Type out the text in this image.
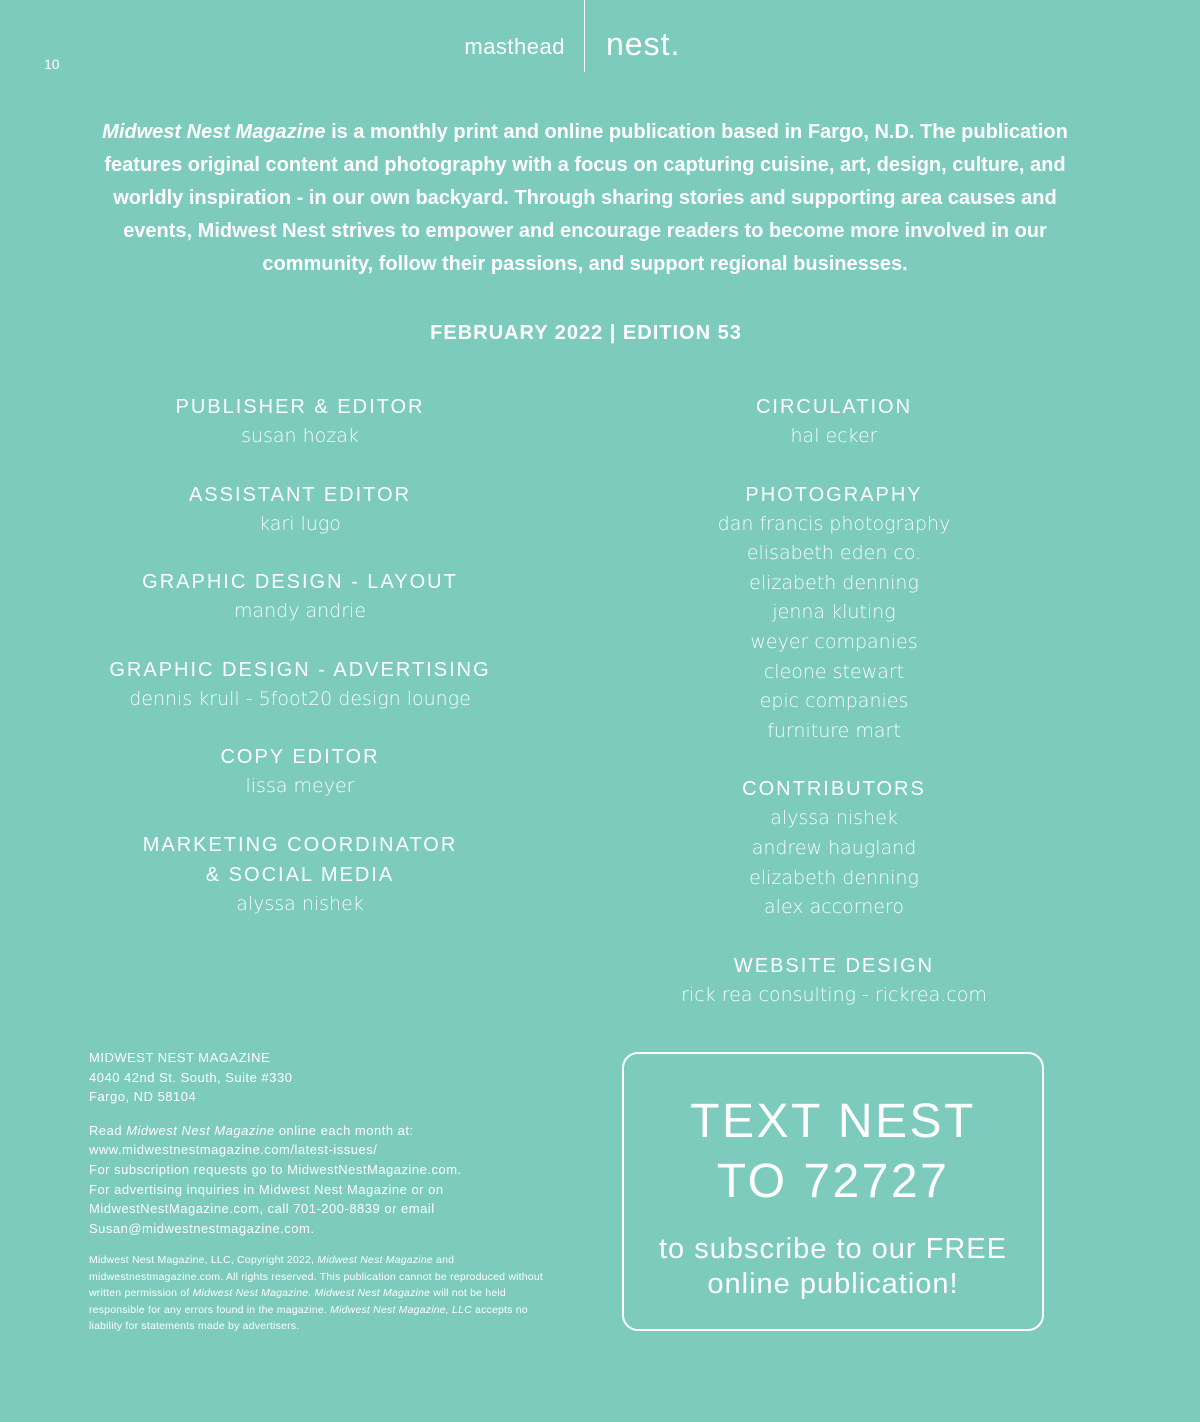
10
masthead nest.
Midwest Nest Magazine is a monthly print and online publication based in Fargo, N.D. The publication features original content and photography with a focus on capturing cuisine, art, design, culture, and worldly inspiration - in our own backyard. Through sharing stories and supporting area causes and events, Midwest Nest strives to empower and encourage readers to become more involved in our community, follow their passions, and support regional businesses.
FEBRUARY 2022 | EDITION 53
PUBLISHER & EDITOR
susan hozak
ASSISTANT EDITOR
kari lugo
GRAPHIC DESIGN - LAYOUT
mandy andrie
GRAPHIC DESIGN - ADVERTISING
dennis krull - 5foot20 design lounge
COPY EDITOR
lissa meyer
MARKETING COORDINATOR
& SOCIAL MEDIA
alyssa nishek
CIRCULATION
hal ecker
PHOTOGRAPHY
dan francis photography
elisabeth eden co.
elizabeth denning
jenna kluting
weyer companies
cleone stewart
epic companies
furniture mart
CONTRIBUTORS
alyssa nishek
andrew haugland
elizabeth denning
alex accornero
WEBSITE DESIGN
rick rea consulting - rickrea.com

MIDWEST NEST MAGAZINE

4040 42nd St. South, Suite #330

Fargo, ND 58104

Read Midwest Nest Magazine online each month at:

www.midwestnestmagazine.com/latest-issues/

For subscription requests go to MidwestNestMagazine.com.

For advertising inquiries in Midwest Nest Magazine or on MidwestNestMagazine.com, call 701-200-8839 or email Susan@midwestnestmagazine.com.

Midwest Nest Magazine, LLC, Copyright 2022, Midwest Nest Magazine and midwestnestmagazine.com. All rights reserved. This publication cannot be reproduced without written permission of Midwest Nest Magazine. Midwest Nest Magazine will not be held responsible for any errors found in the magazine. Midwest Nest Magazine, LLC accepts no liability for statements made by advertisers.
TEXT NEST
TO 72727
to subscribe to our FREE
online publication!
